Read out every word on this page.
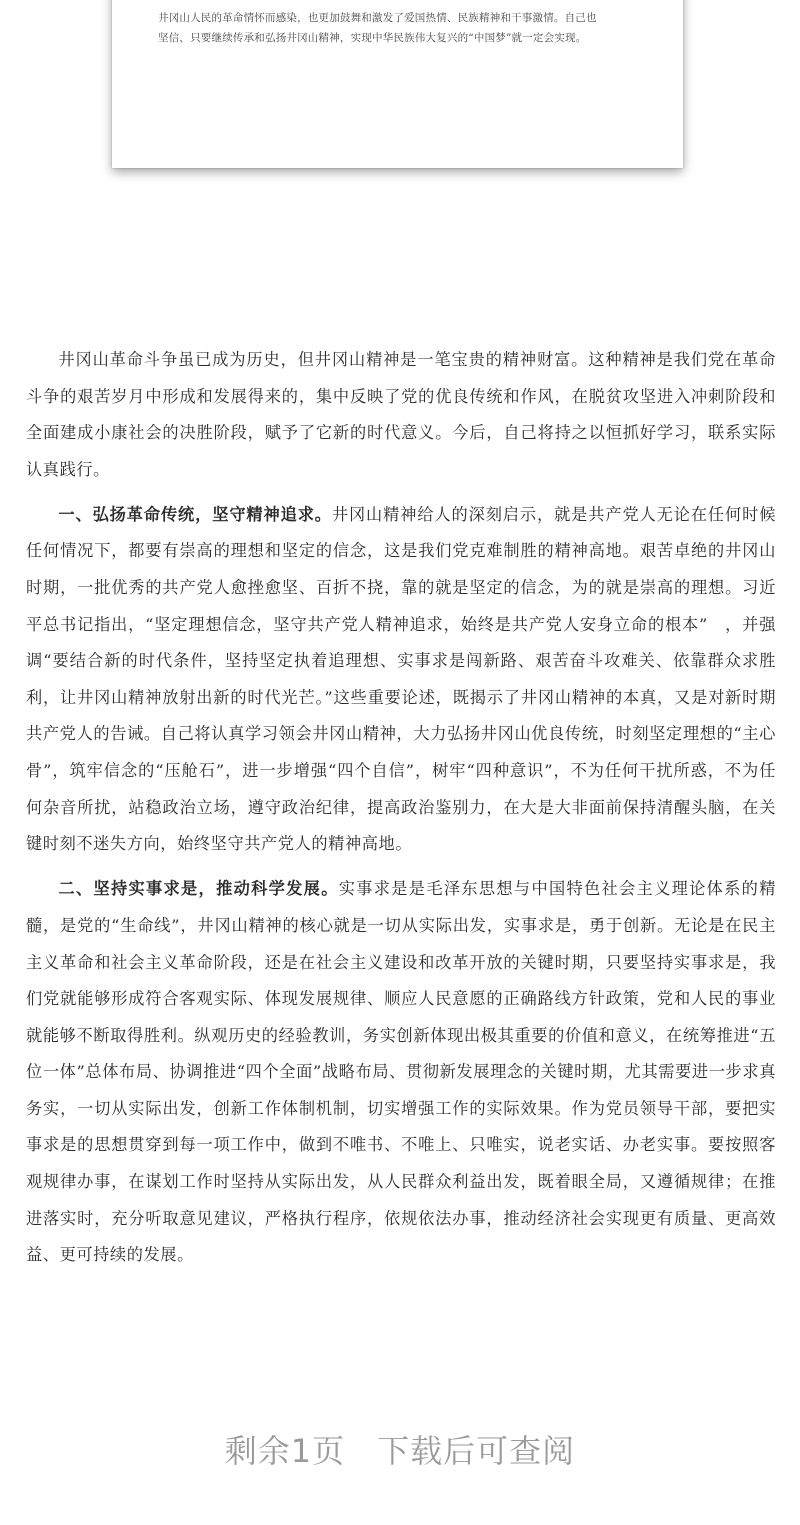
井冈山人民的革命情怀而感染，也更加鼓舞和激发了爱国热情、民族精神和干事激情。自己也

坚信，只要继续传承和弘扬井冈山精神，实现中华民族伟大复兴的“中国梦”就一定会实现。

井冈山革命斗争虽已成为历史，但井冈山精神是一笔宝贵的精神财富。这种精神是我们党在革命斗争的艰苦岁月中形成和发展得来的，集中反映了党的优良传统和作风，在脱贫攻坚进入冲刺阶段和全面建成小康社会的决胜阶段，赋予了它新的时代意义。今后，自己将持之以恒抓好学习，联系实际认真践行。

一、弘扬革命传统，坚守精神追求。井冈山精神给人的深刻启示，就是共产党人无论在任何时候任何情况下，都要有崇高的理想和坚定的信念，这是我们党克难制胜的精神高地。艰苦卓绝的井冈山时期，一批优秀的共产党人愈挫愈坚、百折不挠，靠的就是坚定的信念，为的就是崇高的理想。习近平总书记指出，“坚定理想信念，坚守共产党人精神追求，始终是共产党人安身立命的根本”　，并强调“要结合新的时代条件，坚持坚定执着追理想、实事求是闯新路、艰苦奋斗攻难关、依靠群众求胜利，让井冈山精神放射出新的时代光芒。”这些重要论述，既揭示了井冈山精神的本真，又是对新时期共产党人的告诫。自己将认真学习领会井冈山精神，大力弘扬井冈山优良传统，时刻坚定理想的“主心骨”，筑牢信念的“压舱石”，进一步增强“四个自信”，树牢“四种意识”，不为任何干扰所惑，不为任何杂音所扰，站稳政治立场，遵守政治纪律，提高政治鉴别力，在大是大非面前保持清醒头脑，在关键时刻不迷失方向，始终坚守共产党人的精神高地。

二、坚持实事求是，推动科学发展。实事求是是毛泽东思想与中国特色社会主义理论体系的精髓，是党的“生命线”，井冈山精神的核心就是一切从实际出发，实事求是，勇于创新。无论是在民主主义革命和社会主义革命阶段，还是在社会主义建设和改革开放的关键时期，只要坚持实事求是，我们党就能够形成符合客观实际、体现发展规律、顺应人民意愿的正确路线方针政策，党和人民的事业就能够不断取得胜利。纵观历史的经验教训，务实创新体现出极其重要的价值和意义，在统筹推进“五位一体”总体布局、协调推进“四个全面”战略布局、贯彻新发展理念的关键时期，尤其需要进一步求真务实，一切从实际出发，创新工作体制机制，切实增强工作的实际效果。作为党员领导干部，要把实事求是的思想贯穿到每一项工作中，做到不唯书、不唯上、只唯实，说老实话、办老实事。要按照客观规律办事，在谋划工作时坚持从实际出发，从人民群众利益出发，既着眼全局，又遵循规律；在推进落实时，充分听取意见建议，严格执行程序，依规依法办事，推动经济社会实现更有质量、更高效益、更可持续的发展。

剩余1页 下载后可查阅
